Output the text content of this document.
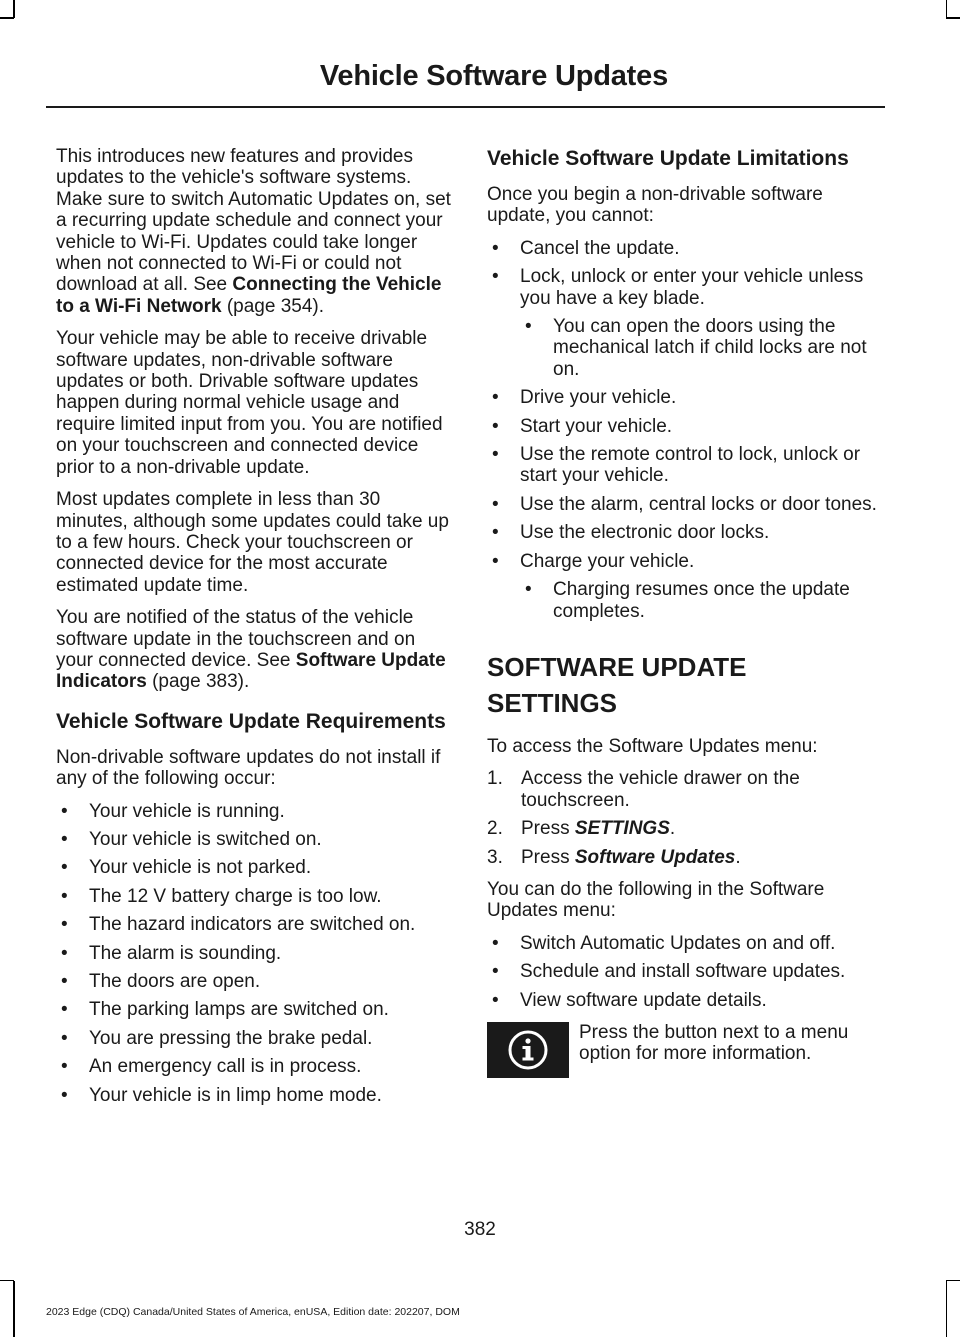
Vehicle Software Updates

This introduces new features and provides updates to the vehicle's software systems. Make sure to switch Automatic Updates on, set a recurring update schedule and connect your vehicle to Wi-Fi. Updates could take longer when not connected to Wi-Fi or could not download at all. See Connecting the Vehicle to a Wi-Fi Network (page 354).

Your vehicle may be able to receive drivable software updates, non-drivable software updates or both. Drivable software updates happen during normal vehicle usage and require limited input from you. You are notified on your touchscreen and connected device prior to a non-drivable update.

Most updates complete in less than 30 minutes, although some updates could take up to a few hours. Check your touchscreen or connected device for the most accurate estimated update time.

You are notified of the status of the vehicle software update in the touchscreen and on your connected device. See Software Update Indicators (page 383).

Vehicle Software Update Requirements

Non-drivable software updates do not install if any of the following occur:

• Your vehicle is running.
• Your vehicle is switched on.
• Your vehicle is not parked.
• The 12 V battery charge is too low.
• The hazard indicators are switched on.
• The alarm is sounding.
• The doors are open.
• The parking lamps are switched on.
• You are pressing the brake pedal.
• An emergency call is in process.
• Your vehicle is in limp home mode.
Vehicle Software Update Limitations

Once you begin a non-drivable software update, you cannot:

• Cancel the update.
• Lock, unlock or enter your vehicle unless you have a key blade.
• You can open the doors using the mechanical latch if child locks are not on.
• Drive your vehicle.
• Start your vehicle.
• Use the remote control to lock, unlock or start your vehicle.
• Use the alarm, central locks or door tones.
• Use the electronic door locks.
• Charge your vehicle.
• Charging resumes once the update completes.
SOFTWARE UPDATE
SETTINGS

To access the Software Updates menu:

1. Access the vehicle drawer on the touchscreen.
2. Press SETTINGS.
3. Press Software Updates.

You can do the following in the Software Updates menu:

• Switch Automatic Updates on and off.
• Schedule and install software updates.
• View software update details.
Press the button next to a menu option for more information.
382
2023 Edge (CDQ) Canada/United States of America, enUSA, Edition date: 202207, DOM
